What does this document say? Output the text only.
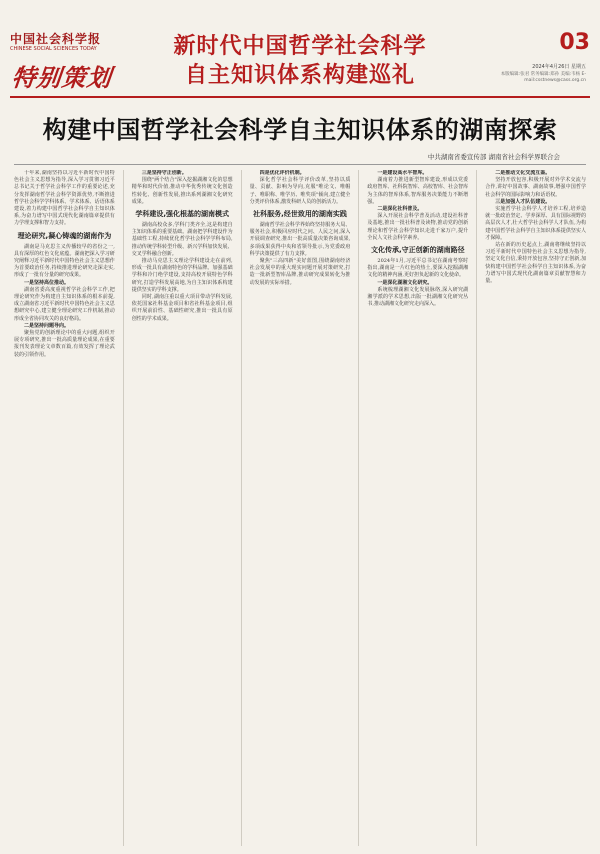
中国社会科学报
CHINESE SOCIAL SCIENCES TODAY
特别策划
新时代中国哲学社会科学
自主知识体系构建巡礼
03
2024年4月26日 星期五
本版编辑:张君 常务编辑:郑孙 美编:韦杨 E-mail:csstnews@cass.org.cn
构建中国哲学社会科学自主知识体系的湖南探索
中共湖南省委宣传部 湖南省社会科学界联合会

十年来,湖南坚持以习近平新时代中国特色社会主义思想为指导,深入学习贯彻习近平总书记关于哲学社会科学工作的重要论述,充分发挥湖南哲学社会科学资源优势,不断推进哲学社会科学学科体系、学术体系、话语体系建设,着力构建中国哲学社会科学自主知识体系,为奋力谱写中国式现代化湖南篇章提供有力学理支撑和智力支持。

理论研究,凝心铸魂的湖南作为

湖南是马克思主义传播较早的省份之一,具有深厚的红色文化底蕴。湖南把深入学习研究阐释习近平新时代中国特色社会主义思想作为首要政治任务,持续推进理论研究走深走实,形成了一批有分量的研究成果。

一是坚持高位推动。

湖南省委高度重视哲学社会科学工作,把理论研究作为构建自主知识体系的根本前提,成立湖南省习近平新时代中国特色社会主义思想研究中心,建立健全理论研究工作机制,推动形成全省协同攻关的良好格局。

二是坚持问题导向。

聚焦党的创新理论中的重大问题,组织开展专项研究,推出一批高质量理论成果,在重要报刊发表理论文章数百篇,有效发挥了理论武装的引领作用。

三是坚持守正创新。

围绕"两个结合"深入挖掘湖湘文化的思想精华和时代价值,推动中华优秀传统文化创造性转化、创新性发展,推出系列湖湘文化研究成果。

学科建设,强化根基的湖南模式

湖南高校众多,学科门类齐全,这是构建自主知识体系的重要基础。湖南把学科建设作为基础性工程,持续优化哲学社会科学学科布局,推动传统学科转型升级、新兴学科加快发展、交叉学科融合创新。

推动马克思主义理论学科建设走在前列,形成一批具有湖南特色的学科品牌。加强基础学科和冷门绝学建设,支持高校开展特色学科研究,打造学科发展高地,为自主知识体系构建提供坚实的学科支撑。

同时,湖南注重以重大项目带动学科发展,依托国家社科基金项目和省社科基金项目,组织开展前沿性、基础性研究,推出一批具有原创性的学术成果。

四是优化评价机制。

深化哲学社会科学评价改革,坚持以质量、贡献、影响为导向,克服"唯论文、唯帽子、唯职称、唯学历、唯奖项"倾向,建立健全分类评价体系,激发科研人员的创新活力。

社科服务,经世致用的湖南实践

湖南哲学社会科学界始终坚持服务大局、服务社会,积极回应时代之问、人民之问,深入开展调查研究,推出一批高质量决策咨询成果,多项成果获得中央和省领导批示,为党委政府科学决策提供了有力支撑。

聚焦"三高四新"美好蓝图,围绕湖南经济社会发展中的重大现实问题开展对策研究,打造一批新型智库品牌,推动研究成果转化为推动发展的实际举措。

一是建设高水平智库。

湖南着力推进新型智库建设,形成以党委政府智库、社科院智库、高校智库、社会智库为主体的智库体系,智库服务决策能力不断增强。

二是深化社科普及。

深入开展社会科学普及活动,建设社科普及基地,推出一批社科普及读物,推动党的创新理论和哲学社会科学知识走进千家万户,提升全民人文社会科学素养。

文化传承,守正创新的湖南路径

2024年1月,习近平总书记在湖南考察时指出,湖南是一片红色的热土,要深入挖掘湖湘文化的精神内涵,更好担负起新的文化使命。

一是深化湖湘文化研究。

系统梳理湖湘文化发展脉络,深入研究湖湘学派的学术思想,出版一批湖湘文化研究丛书,推动湖湘文化研究走向深入。

二是推动文化交流互鉴。

坚持开放包容,积极开展对外学术交流与合作,讲好中国故事、湖南故事,增强中国哲学社会科学的国际影响力和话语权。

三是加强人才队伍建设。

实施哲学社会科学人才培养工程,培养造就一批政治坚定、学养深厚、具有国际视野的高层次人才,壮大哲学社会科学人才队伍,为构建中国哲学社会科学自主知识体系提供坚实人才保障。

站在新的历史起点上,湖南将继续坚持以习近平新时代中国特色社会主义思想为指导,坚定文化自信,秉持开放包容,坚持守正创新,加快构建中国哲学社会科学自主知识体系,为奋力谱写中国式现代化湖南篇章贡献智慧和力量。
